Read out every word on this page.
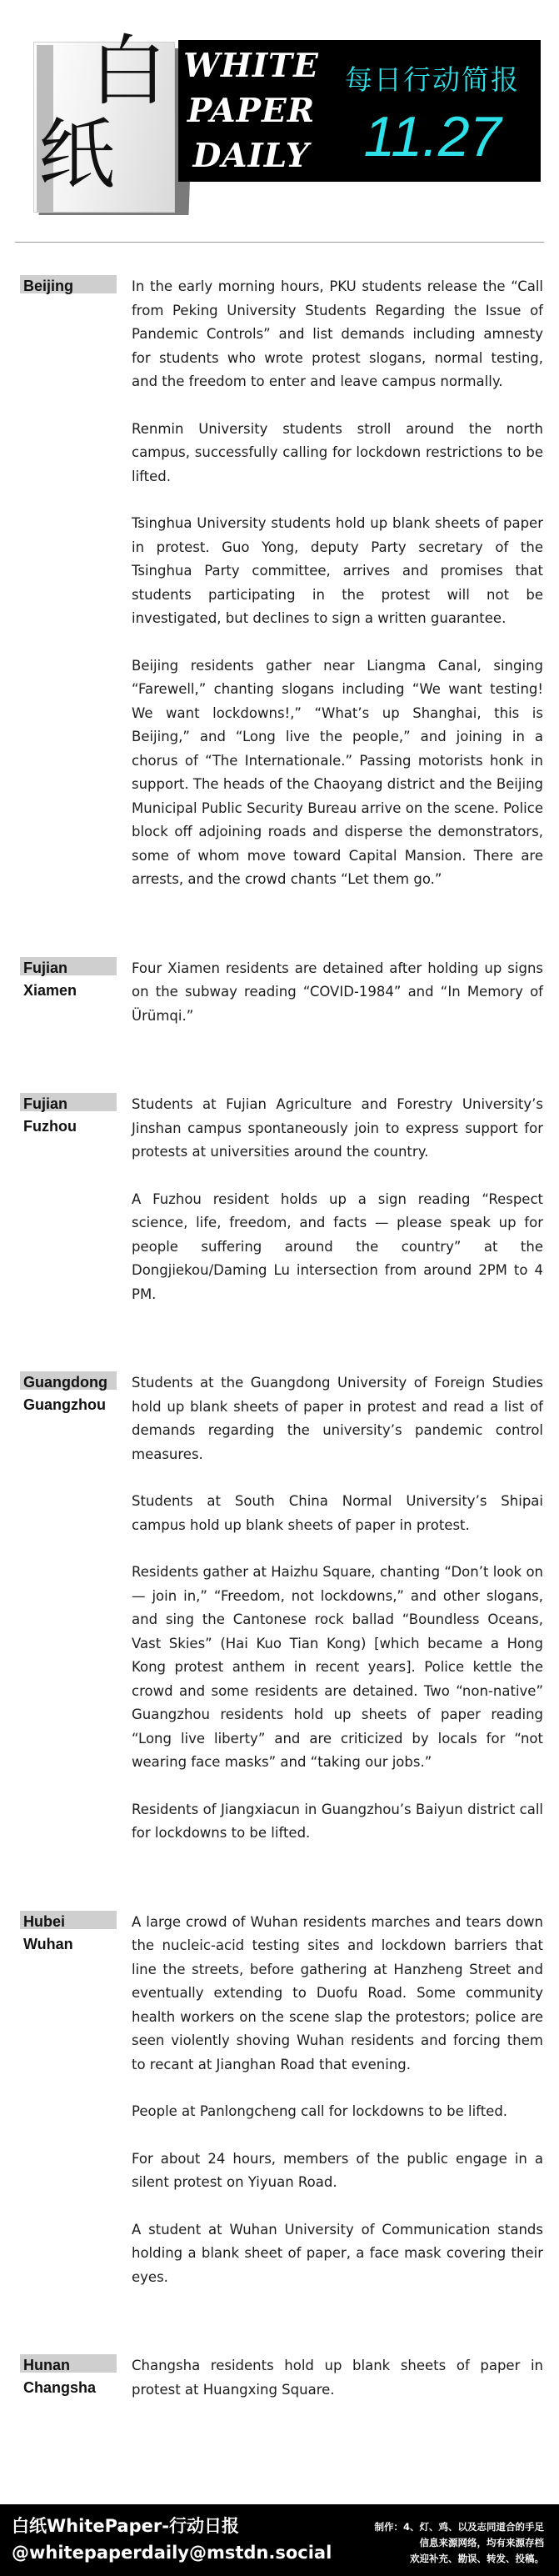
白
纸
WHITE
PAPER
DAILY
每日行动简报
11.27
Beijing	In the early morning hours, PKU students release the “Call from Peking University Students Regarding the Issue of Pandemic Controls” and list demands including amnesty for students who wrote protest slogans, normal testing, and the freedom to enter and leave campus normally.

Renmin University students stroll around the north campus, successfully calling for lockdown restrictions to be lifted.

Tsinghua University students hold up blank sheets of paper in protest. Guo Yong, deputy Party secretary of the Tsinghua Party committee, arrives and promises that students participating in the protest will not be investigated, but declines to sign a written guarantee.

Beijing residents gather near Liangma Canal, singing “Farewell,” chanting slogans including “We want testing! We want lockdowns!,” “What’s up Shanghai, this is Beijing,” and “Long live the people,” and joining in a chorus of “The Internationale.” Passing motorists honk in support. The heads of the Chaoyang district and the Beijing Municipal Public Security Bureau arrive on the scene. Police block off adjoining roads and disperse the demonstrators, some of whom move toward Capital Mansion. There are arrests, and the crowd chants “Let them go.”

Fujian
Xiamen

Four Xiamen residents are detained after holding up signs on the subway reading “COVID-1984” and “In Memory of Ürümqi.”

Fujian
Fuzhou

Students at Fujian Agriculture and Forestry University’s Jinshan campus spontaneously join to express support for protests at universities around the country.

A Fuzhou resident holds up a sign reading “Respect science, life, freedom, and facts — please speak up for people suffering around the country” at the Dongjiekou/Daming Lu intersection from around 2PM to 4 PM.

Guangdong
Guangzhou

Students at the Guangdong University of Foreign Studies hold up blank sheets of paper in protest and read a list of demands regarding the university’s pandemic control measures.

Students at South China Normal University’s Shipai campus hold up blank sheets of paper in protest.

Residents gather at Haizhu Square, chanting “Don’t look on — join in,” “Freedom, not lockdowns,” and other slogans, and sing the Cantonese rock ballad “Boundless Oceans, Vast Skies” (Hai Kuo Tian Kong) [which became a Hong Kong protest anthem in recent years]. Police kettle the crowd and some residents are detained. Two “non-native” Guangzhou residents hold up sheets of paper reading “Long live liberty” and are criticized by locals for “not wearing face masks” and “taking our jobs.”

Residents of Jiangxiacun in Guangzhou’s Baiyun district call for lockdowns to be lifted.

Hubei
Wuhan

A large crowd of Wuhan residents marches and tears down the nucleic-acid testing sites and lockdown barriers that line the streets, before gathering at Hanzheng Street and eventually extending to Duofu Road. Some community health workers on the scene slap the protestors; police are seen violently shoving Wuhan residents and forcing them to recant at Jianghan Road that evening.

People at Panlongcheng call for lockdowns to be lifted.

For about 24 hours, members of the public engage in a silent protest on Yiyuan Road.

A student at Wuhan University of Communication stands holding a blank sheet of paper, a face mask covering their eyes.

Hunan
Changsha

Changsha residents hold up blank sheets of paper in protest at Huangxing Square.

白纸WhitePaper-行动日报
@whitepaperdaily@mstdn.social
制作：4、灯、鸡、以及志同道合的手足
信息来源网络，均有来源存档
欢迎补充、勘误、转发、投稿。
